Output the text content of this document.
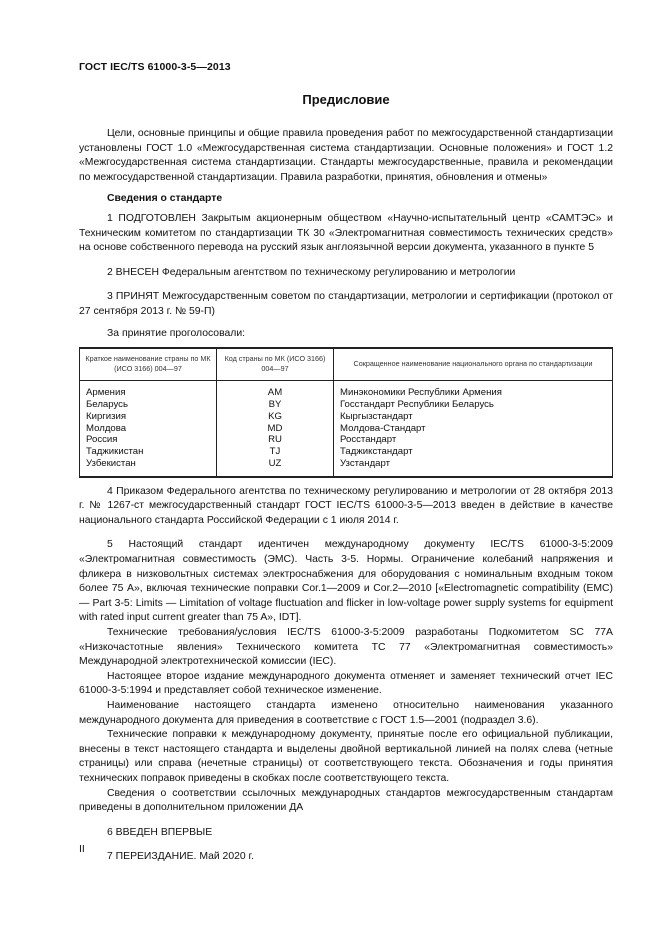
ГОСТ IEC/TS 61000-3-5—2013
Предисловие

Цели, основные принципы и общие правила проведения работ по межгосударственной стандартизации установлены ГОСТ 1.0 «Межгосударственная система стандартизации. Основные положения» и ГОСТ 1.2 «Межгосударственная система стандартизации. Стандарты межгосударственные, правила и рекомендации по межгосударственной стандартизации. Правила разработки, принятия, обновления и отмены»

Сведения о стандарте

1 ПОДГОТОВЛЕН Закрытым акционерным обществом «Научно-испытательный центр «САМТЭС» и Техническим комитетом по стандартизации ТК 30 «Электромагнитная совместимость технических средств» на основе собственного перевода на русский язык англоязычной версии документа, указанного в пункте 5

2 ВНЕСЕН Федеральным агентством по техническому регулированию и метрологии

3 ПРИНЯТ Межгосударственным советом по стандартизации, метрологии и сертификации (протокол от 27 сентября 2013 г. № 59-П)

За принятие проголосовали:

Краткое наименование страны по МК (ИСО 3166) 004—97	Код страны по МК (ИСО 3166) 004—97	Сокращенное наименование национального органа по стандартизации
Армения	AM	Минэкономики Республики Армения
Беларусь	BY	Госстандарт Республики Беларусь
Киргизия	KG	Кыргызстандарт
Молдова	MD	Молдова-Стандарт
Россия	RU	Росстандарт
Таджикистан	TJ	Таджикстандарт
Узбекистан	UZ	Узстандарт

4 Приказом Федерального агентства по техническому регулированию и метрологии от 28 октября 2013 г. № 1267-ст межгосударственный стандарт ГОСТ IEC/TS 61000-3-5—2013 введен в действие в качестве национального стандарта Российской Федерации с 1 июля 2014 г.

5 Настоящий стандарт идентичен международному документу IEC/TS 61000-3-5:2009 «Электромагнитная совместимость (ЭМС). Часть 3-5. Нормы. Ограничение колебаний напряжения и фликера в низковольтных системах электроснабжения для оборудования с номинальным входным током более 75 А», включая технические поправки Cor.1—2009 и Cor.2—2010 [«Electromagnetic compatibility (EMC) — Part 3-5: Limits — Limitation of voltage fluctuation and flicker in low-voltage power supply systems for equipment with rated input current greater than 75 A», IDT].

Технические требования/условия IEC/TS 61000-3-5:2009 разработаны Подкомитетом SC 77A «Низкочастотные явления» Технического комитета ТС 77 «Электромагнитная совместимость» Международной электротехнической комиссии (IEC).

Настоящее второе издание международного документа отменяет и заменяет технический отчет IEC 61000-3-5:1994 и представляет собой техническое изменение.

Наименование настоящего стандарта изменено относительно наименования указанного международного документа для приведения в соответствие с ГОСТ 1.5—2001 (подраздел 3.6).

Технические поправки к международному документу, принятые после его официальной публикации, внесены в текст настоящего стандарта и выделены двойной вертикальной линией на полях слева (четные страницы) или справа (нечетные страницы) от соответствующего текста. Обозначения и годы принятия технических поправок приведены в скобках после соответствующего текста.

Сведения о соответствии ссылочных международных стандартов межгосударственным стандартам приведены в дополнительном приложении ДА

6 ВВЕДЕН ВПЕРВЫЕ

7 ПЕРЕИЗДАНИЕ. Май 2020 г.

II
